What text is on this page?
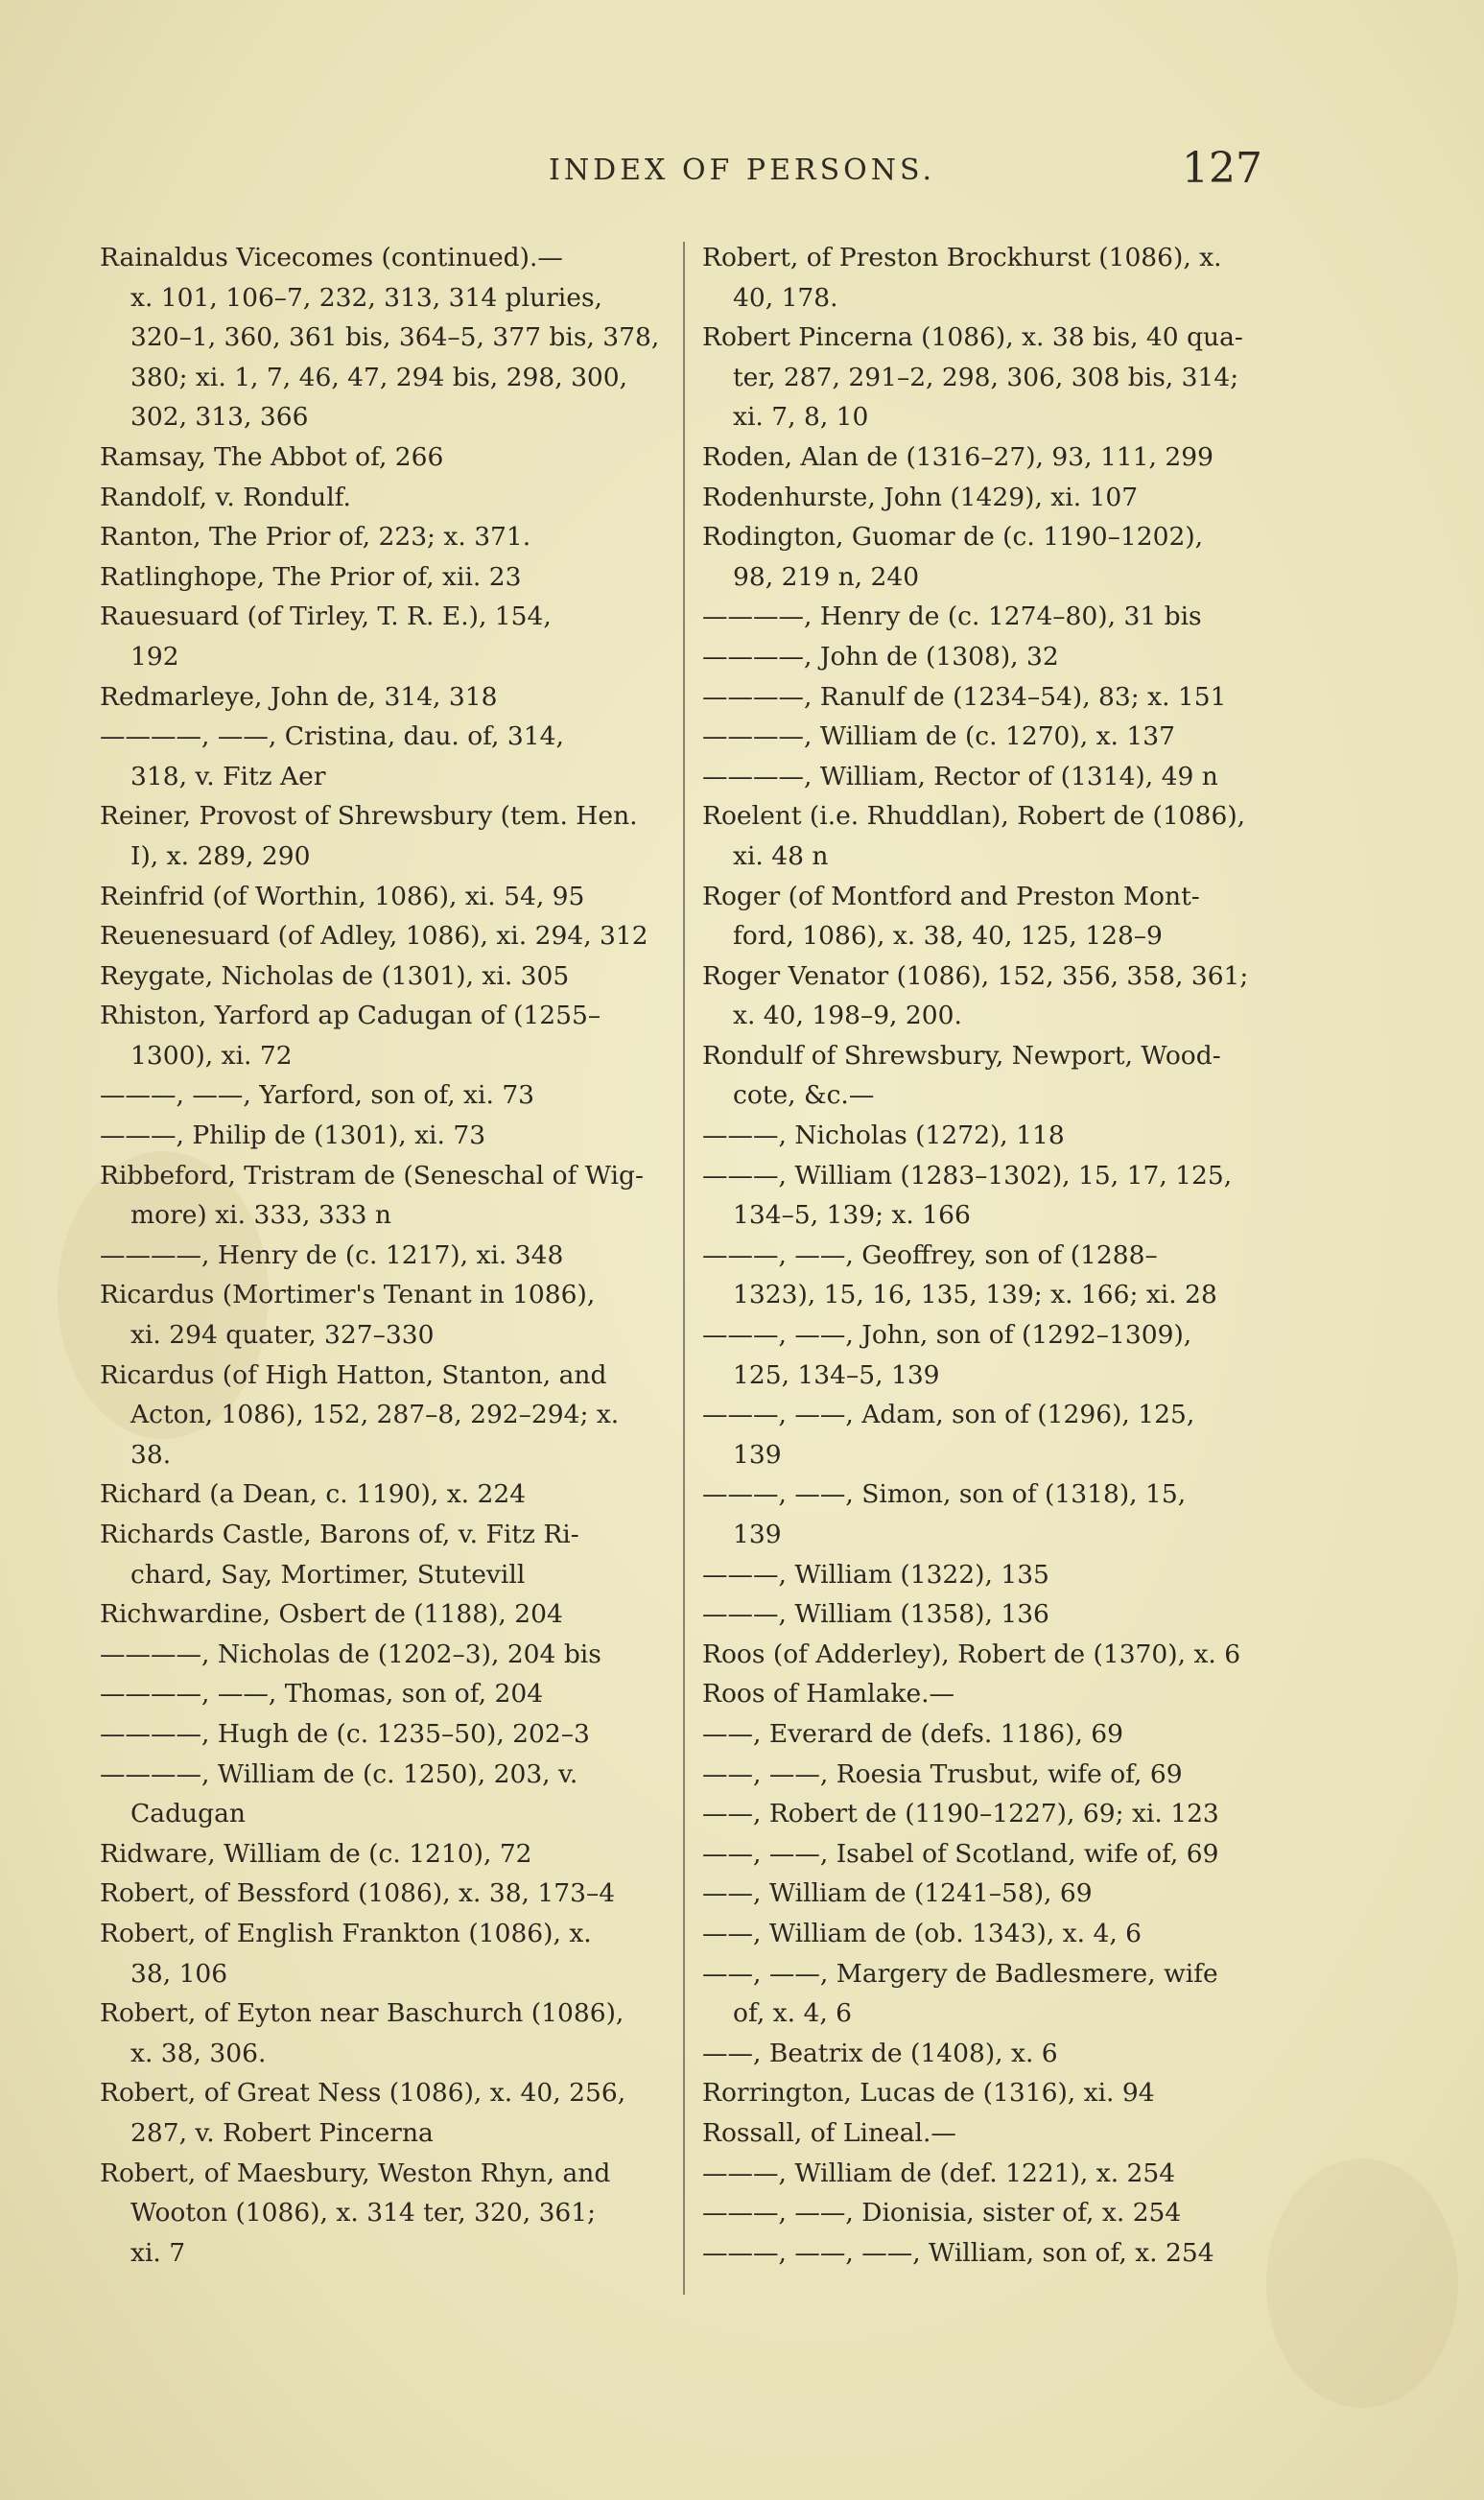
INDEX OF PERSONS.	127
Rainaldus Vicecomes (continued).—
x. 101, 106–7, 232, 313, 314 pluries,
320–1, 360, 361 bis, 364–5, 377 bis, 378,
380; xi. 1, 7, 46, 47, 294 bis, 298, 300,
302, 313, 366
Ramsay, The Abbot of, 266
Randolf, v. Rondulf.
Ranton, The Prior of, 223; x. 371.
Ratlinghope, The Prior of, xii. 23
Rauesuard (of Tirley, T. R. E.), 154,
192
Redmarleye, John de, 314, 318
————, ——, Cristina, dau. of, 314,
318, v. Fitz Aer
Reiner, Provost of Shrewsbury (tem. Hen.
I), x. 289, 290
Reinfrid (of Worthin, 1086), xi. 54, 95
Reuenesuard (of Adley, 1086), xi. 294, 312
Reygate, Nicholas de (1301), xi. 305
Rhiston, Yarford ap Cadugan of (1255–
1300), xi. 72
———, ——, Yarford, son of, xi. 73
———, Philip de (1301), xi. 73
Ribbeford, Tristram de (Seneschal of Wig-
more) xi. 333, 333 n
————, Henry de (c. 1217), xi. 348
Ricardus (Mortimer's Tenant in 1086),
xi. 294 quater, 327–330
Ricardus (of High Hatton, Stanton, and
Acton, 1086), 152, 287–8, 292–294; x.
38.
Richard (a Dean, c. 1190), x. 224
Richards Castle, Barons of, v. Fitz Ri-
chard, Say, Mortimer, Stutevill
Richwardine, Osbert de (1188), 204
————, Nicholas de (1202–3), 204 bis
————, ——, Thomas, son of, 204
————, Hugh de (c. 1235–50), 202–3
————, William de (c. 1250), 203, v.
Cadugan
Ridware, William de (c. 1210), 72
Robert, of Bessford (1086), x. 38, 173–4
Robert, of English Frankton (1086), x.
38, 106
Robert, of Eyton near Baschurch (1086),
x. 38, 306.
Robert, of Great Ness (1086), x. 40, 256,
287, v. Robert Pincerna
Robert, of Maesbury, Weston Rhyn, and
Wooton (1086), x. 314 ter, 320, 361;
xi. 7
Robert, of Preston Brockhurst (1086), x.
40, 178.
Robert Pincerna (1086), x. 38 bis, 40 qua-
ter, 287, 291–2, 298, 306, 308 bis, 314;
xi. 7, 8, 10
Roden, Alan de (1316–27), 93, 111, 299
Rodenhurste, John (1429), xi. 107
Rodington, Guomar de (c. 1190–1202),
98, 219 n, 240
————, Henry de (c. 1274–80), 31 bis
————, John de (1308), 32
————, Ranulf de (1234–54), 83; x. 151
————, William de (c. 1270), x. 137
————, William, Rector of (1314), 49 n
Roelent (i.e. Rhuddlan), Robert de (1086),
xi. 48 n
Roger (of Montford and Preston Mont-
ford, 1086), x. 38, 40, 125, 128–9
Roger Venator (1086), 152, 356, 358, 361;
x. 40, 198–9, 200.
Rondulf of Shrewsbury, Newport, Wood-
cote, &c.—
———, Nicholas (1272), 118
———, William (1283–1302), 15, 17, 125,
134–5, 139; x. 166
———, ——, Geoffrey, son of (1288–
1323), 15, 16, 135, 139; x. 166; xi. 28
———, ——, John, son of (1292–1309),
125, 134–5, 139
———, ——, Adam, son of (1296), 125,
139
———, ——, Simon, son of (1318), 15,
139
———, William (1322), 135
———, William (1358), 136
Roos (of Adderley), Robert de (1370), x. 6
Roos of Hamlake.—
——, Everard de (defs. 1186), 69
——, ——, Roesia Trusbut, wife of, 69
——, Robert de (1190–1227), 69; xi. 123
——, ——, Isabel of Scotland, wife of, 69
——, William de (1241–58), 69
——, William de (ob. 1343), x. 4, 6
——, ——, Margery de Badlesmere, wife
of, x. 4, 6
——, Beatrix de (1408), x. 6
Rorrington, Lucas de (1316), xi. 94
Rossall, of Lineal.—
———, William de (def. 1221), x. 254
———, ——, Dionisia, sister of, x. 254
———, ——, ——, William, son of, x. 254
